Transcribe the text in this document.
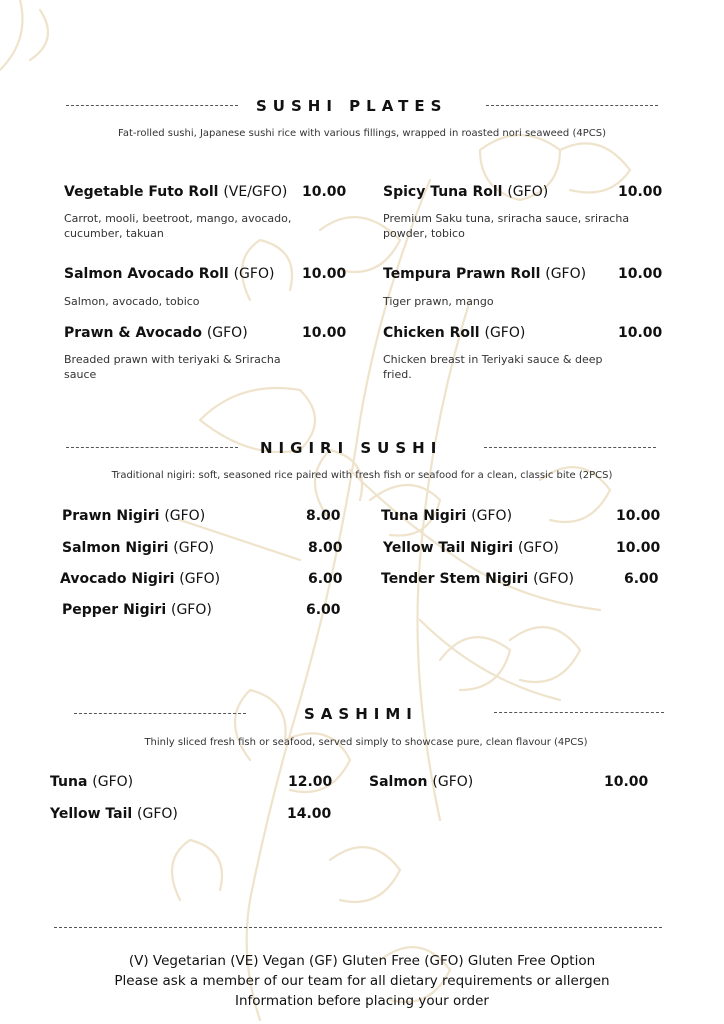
SUSHI PLATES
Fat-rolled sushi, Japanese sushi rice with various fillings, wrapped in roasted nori seaweed (4PCS)
Vegetable Futo Roll (VE/GFO) 10.00
Carrot, mooli, beetroot, mango, avocado, cucumber, takuan
Spicy Tuna Roll (GFO)	10.00
Premium Saku tuna, sriracha sauce, sriracha powder, tobico
Salmon Avocado Roll (GFO) 10.00
Salmon, avocado, tobico
Tempura Prawn Roll (GFO) 10.00
Tiger prawn, mango
Prawn & Avocado (GFO)	10.00
Breaded prawn with teriyaki & Sriracha sauce
Chicken Roll (GFO)	10.00
Chicken breast in Teriyaki sauce & deep fried.
NIGIRI SUSHI
Traditional nigiri: soft, seasoned rice paired with fresh fish or seafood for a clean, classic bite (2PCS)
Prawn Nigiri (GFO)	8.00	Tuna Nigiri (GFO)	10.00
Salmon Nigiri (GFO)	8.00	Yellow Tail Nigiri (GFO)	10.00
Avocado Nigiri (GFO)	6.00	Tender Stem Nigiri (GFO)	6.00
Pepper Nigiri (GFO)	6.00
SASHIMI
Thinly sliced fresh fish or seafood, served simply to showcase pure, clean flavour (4PCS)
Tuna (GFO)	12.00	Salmon (GFO)	10.00
Yellow Tail (GFO)	14.00
(V) Vegetarian (VE) Vegan (GF) Gluten Free (GFO) Gluten Free Option
Please ask a member of our team for all dietary requirements or allergen
Information before placing your order
